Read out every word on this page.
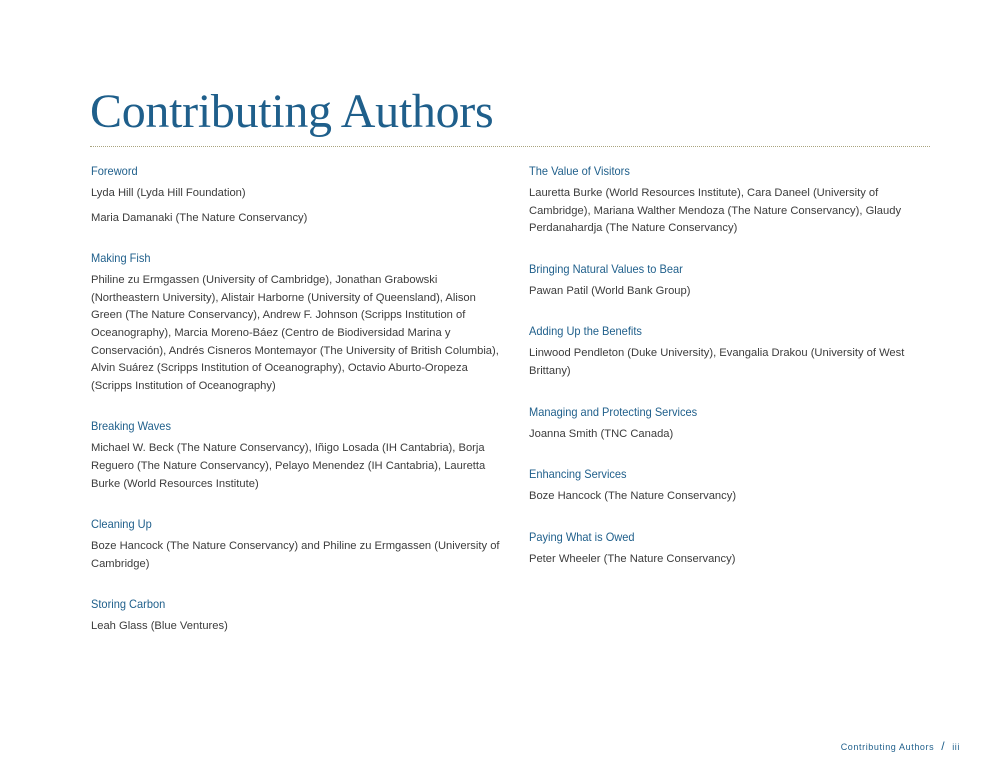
Contributing Authors
Foreword

Lyda Hill (Lyda Hill Foundation)

Maria Damanaki (The Nature Conservancy)

Making Fish

Philine zu Ermgassen (University of Cambridge), Jonathan Grabowski (Northeastern University), Alistair Harborne (University of Queensland), Alison Green (The Nature Conservancy), Andrew F. Johnson (Scripps Institution of Oceanography), Marcia Moreno-Báez (Centro de Biodiversidad Marina y Conservación), Andrés Cisneros Montemayor (The University of British Columbia), Alvin Suárez (Scripps Institution of Oceanography), Octavio Aburto-Oropeza (Scripps Institution of Oceanography)

Breaking Waves

Michael W. Beck (The Nature Conservancy), Iñigo Losada (IH Cantabria), Borja Reguero (The Nature Conservancy), Pelayo Menendez (IH Cantabria), Lauretta Burke (World Resources Institute)

Cleaning Up

Boze Hancock (The Nature Conservancy) and Philine zu Ermgassen (University of Cambridge)

Storing Carbon

Leah Glass (Blue Ventures)

The Value of Visitors

Lauretta Burke (World Resources Institute), Cara Daneel (University of Cambridge), Mariana Walther Mendoza (The Nature Conservancy), Glaudy Perdanahardja (The Nature Conservancy)

Bringing Natural Values to Bear

Pawan Patil (World Bank Group)

Adding Up the Benefits

Linwood Pendleton (Duke University), Evangalia Drakou (University of West Brittany)

Managing and Protecting Services

Joanna Smith (TNC Canada)

Enhancing Services

Boze Hancock (The Nature Conservancy)

Paying What is Owed

Peter Wheeler (The Nature Conservancy)

Contributing Authors / iii
